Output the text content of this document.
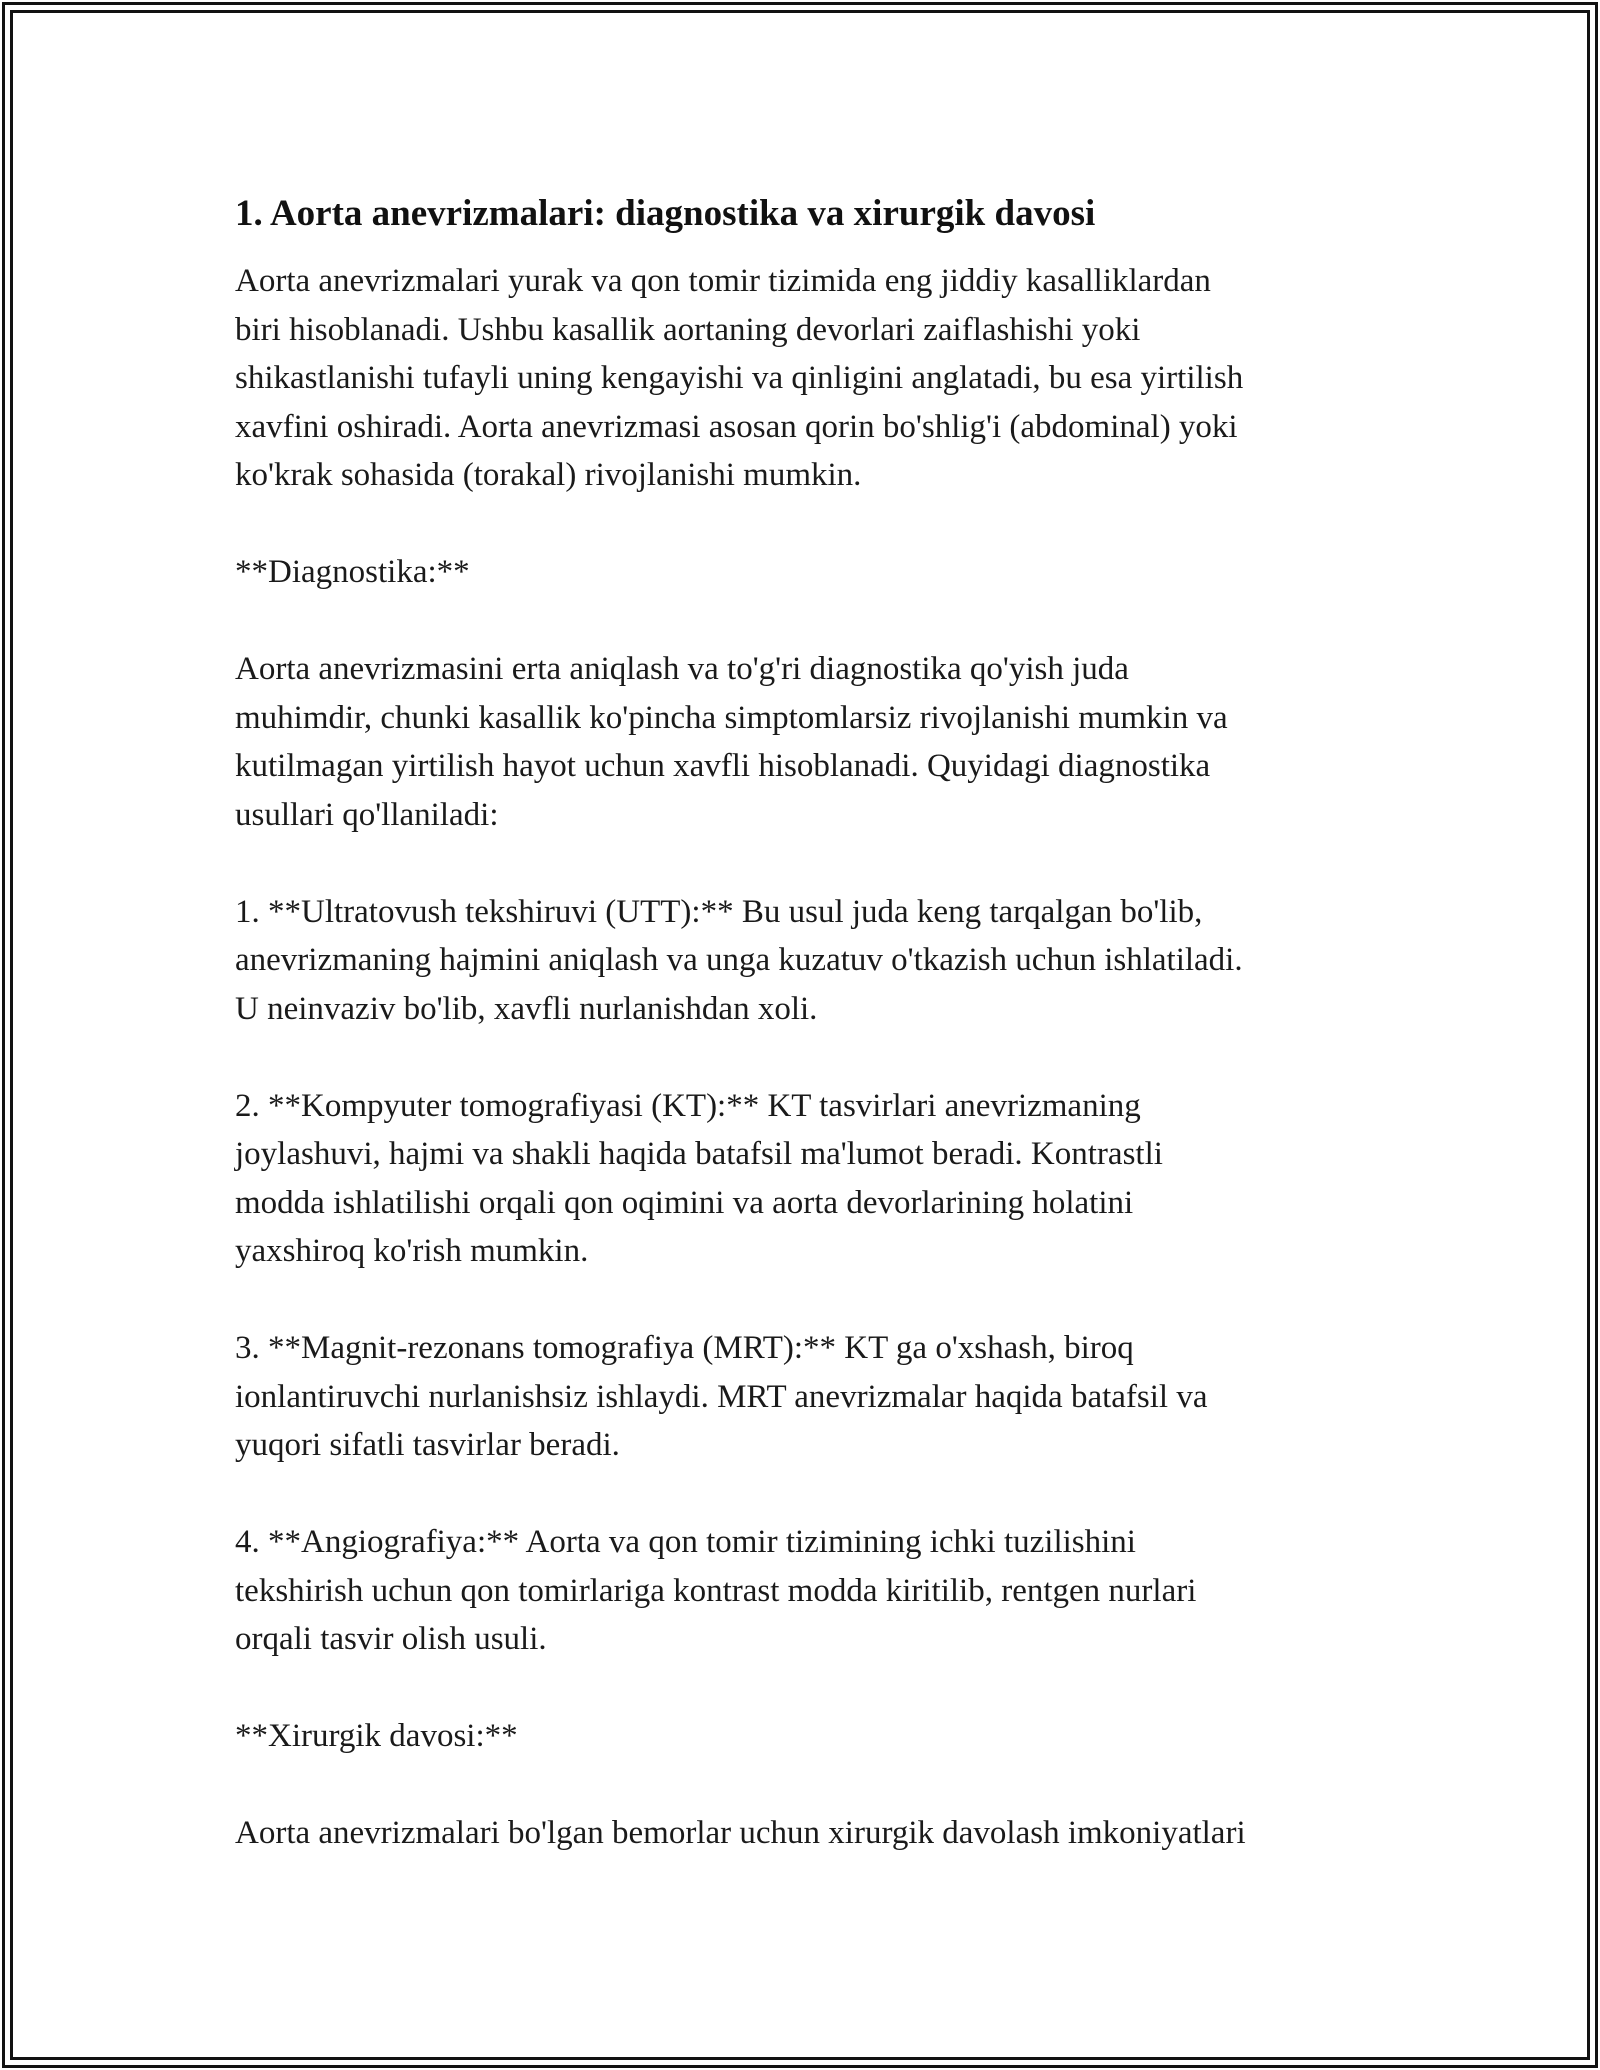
1. Aorta anevrizmalari: diagnostika va xirurgik davosi

Aorta anevrizmalari yurak va qon tomir tizimida eng jiddiy kasalliklardan
biri hisoblanadi. Ushbu kasallik aortaning devorlari zaiflashishi yoki
shikastlanishi tufayli uning kengayishi va qinligini anglatadi, bu esa yirtilish
xavfini oshiradi. Aorta anevrizmasi asosan qorin bo'shlig'i (abdominal) yoki
ko'krak sohasida (torakal) rivojlanishi mumkin.

**Diagnostika:**

Aorta anevrizmasini erta aniqlash va to'g'ri diagnostika qo'yish juda
muhimdir, chunki kasallik ko'pincha simptomlarsiz rivojlanishi mumkin va
kutilmagan yirtilish hayot uchun xavfli hisoblanadi. Quyidagi diagnostika
usullari qo'llaniladi:

1. **Ultratovush tekshiruvi (UTT):** Bu usul juda keng tarqalgan bo'lib,
anevrizmaning hajmini aniqlash va unga kuzatuv o'tkazish uchun ishlatiladi.
U neinvaziv bo'lib, xavfli nurlanishdan xoli.

2. **Kompyuter tomografiyasi (KT):** KT tasvirlari anevrizmaning
joylashuvi, hajmi va shakli haqida batafsil ma'lumot beradi. Kontrastli
modda ishlatilishi orqali qon oqimini va aorta devorlarining holatini
yaxshiroq ko'rish mumkin.

3. **Magnit-rezonans tomografiya (MRT):** KT ga o'xshash, biroq
ionlantiruvchi nurlanishsiz ishlaydi. MRT anevrizmalar haqida batafsil va
yuqori sifatli tasvirlar beradi.

4. **Angiografiya:** Aorta va qon tomir tizimining ichki tuzilishini
tekshirish uchun qon tomirlariga kontrast modda kiritilib, rentgen nurlari
orqali tasvir olish usuli.

**Xirurgik davosi:**

Aorta anevrizmalari bo'lgan bemorlar uchun xirurgik davolash imkoniyatlari
